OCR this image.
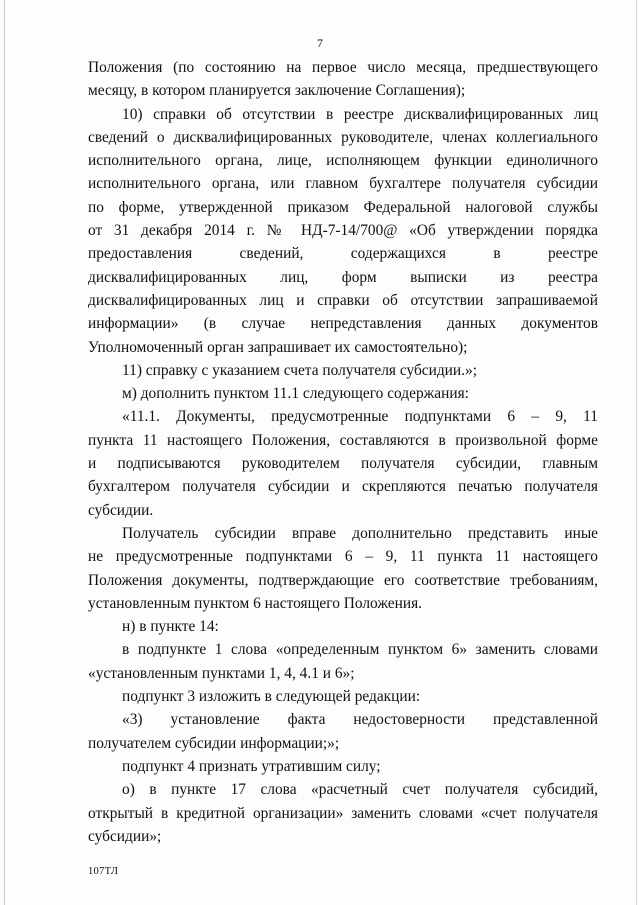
7
Положения (по состоянию на первое число месяца, предшествующего
месяцу, в котором планируется заключение Соглашения);
10) справки об отсутствии в реестре дисквалифицированных лиц
сведений о дисквалифицированных руководителе, членах коллегиального
исполнительного органа, лице, исполняющем функции единоличного
исполнительного органа, или главном бухгалтере получателя субсидии
по форме, утвержденной приказом Федеральной налоговой службы
от 31 декабря 2014 г. № НД-7-14/700@ «Об утверждении порядка
предоставления сведений, содержащихся в реестре
дисквалифицированных лиц, форм выписки из реестра
дисквалифицированных лиц и справки об отсутствии запрашиваемой
информации» (в случае непредставления данных документов
Уполномоченный орган запрашивает их самостоятельно);
11) справку с указанием счета получателя субсидии.»;
м) дополнить пунктом 11.1 следующего содержания:
«11.1. Документы, предусмотренные подпунктами 6 – 9, 11
пункта 11 настоящего Положения, составляются в произвольной форме
и подписываются руководителем получателя субсидии, главным
бухгалтером получателя субсидии и скрепляются печатью получателя
субсидии.
Получатель субсидии вправе дополнительно представить иные
не предусмотренные подпунктами 6 – 9, 11 пункта 11 настоящего
Положения документы, подтверждающие его соответствие требованиям,
установленным пунктом 6 настоящего Положения.
н) в пункте 14:
в подпункте 1 слова «определенным пунктом 6» заменить словами
«установленным пунктами 1, 4, 4.1 и 6»;
подпункт 3 изложить в следующей редакции:
«3) установление факта недостоверности представленной
получателем субсидии информации;»;
подпункт 4 признать утратившим силу;
о) в пункте 17 слова «расчетный счет получателя субсидий,
открытый в кредитной организации» заменить словами «счет получателя
субсидии»;
107ТЛ
